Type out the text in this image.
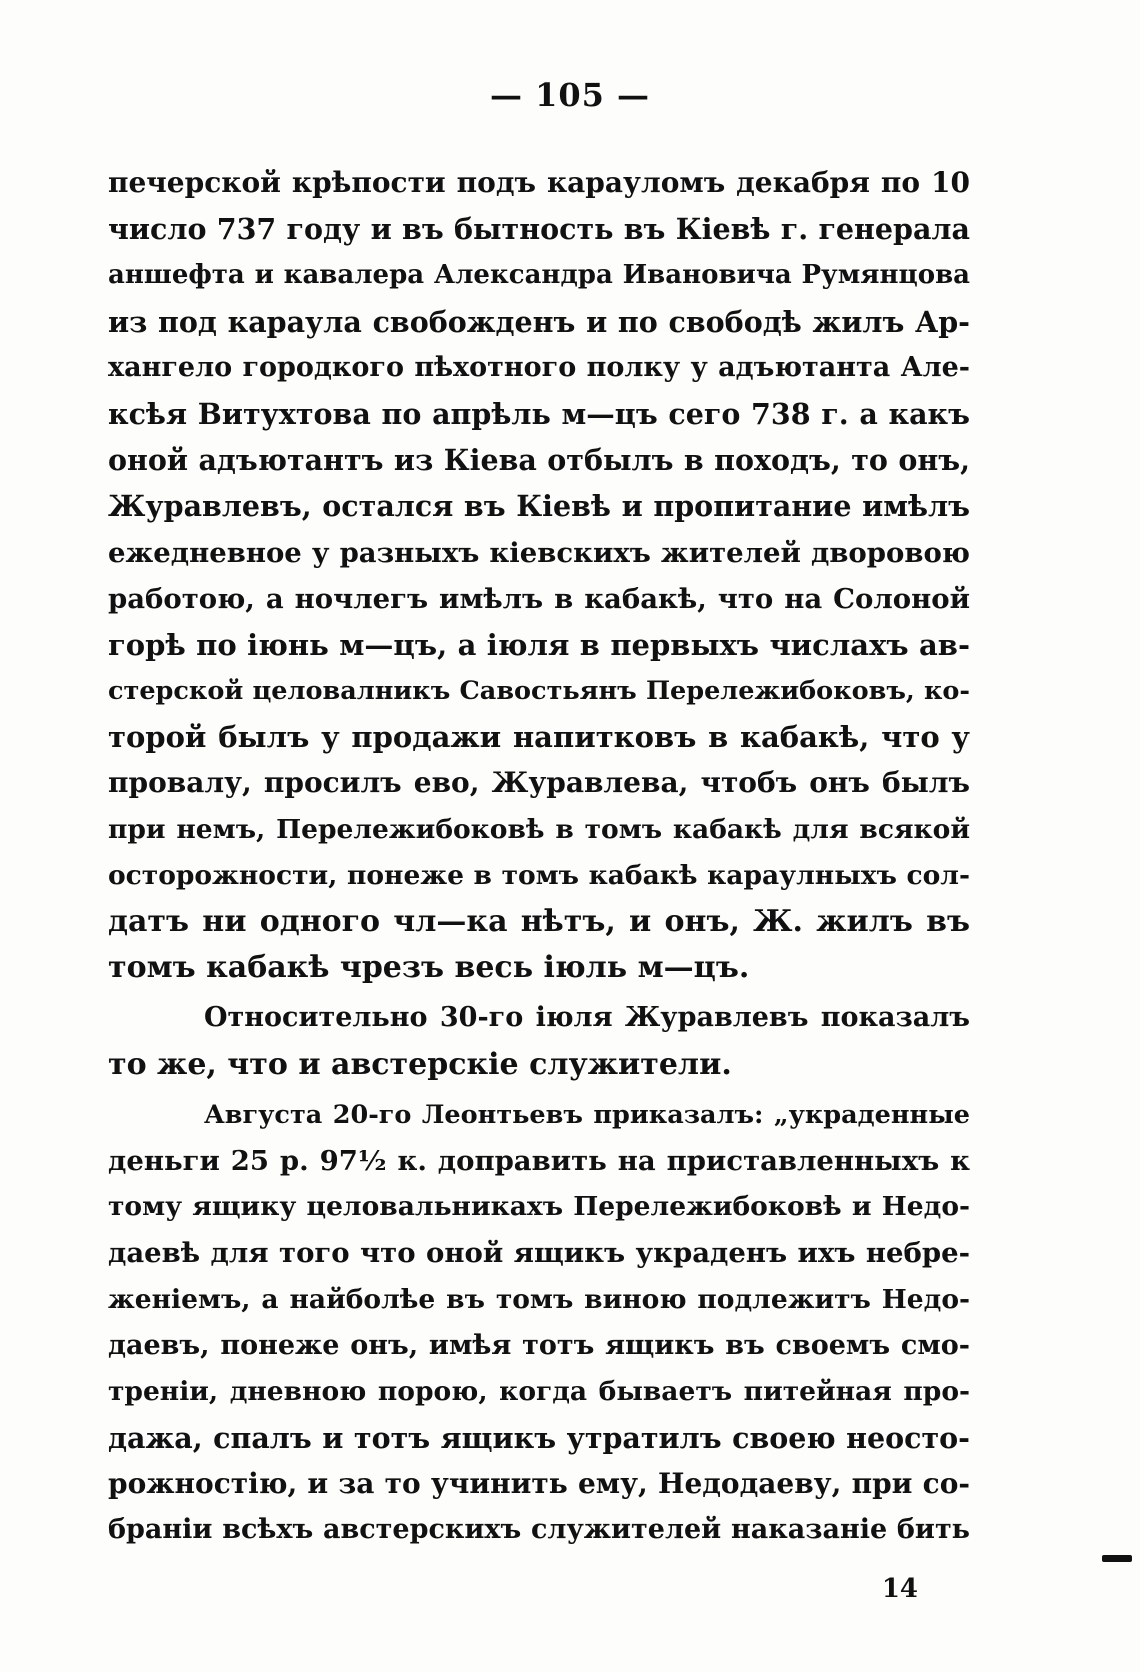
— 105 —
печерской крѣпости подъ карауломъ декабря по 10
число 737 году и въ бытность въ Кіевѣ г. генерала
аншефта и кавалера Александра Ивановича Румянцова
из под караула свобожденъ и по свободѣ жилъ Ар-
хангело городкого пѣхотного полку у адъютанта Але-
ксѣя Витухтова по апрѣль м—цъ сего 738 г. а какъ
оной адъютантъ из Кіева отбылъ в походъ, то онъ,
Журавлевъ, остался въ Кіевѣ и пропитание имѣлъ
ежедневное у разныхъ кіевскихъ жителей дворовою
работою, а ночлегъ имѣлъ в кабакѣ, что на Солоной
горѣ по іюнь м—цъ, а іюля в первыхъ числахъ ав-
стерской целовалникъ Савостьянъ Перележибоковъ, ко-
торой былъ у продажи напитковъ в кабакѣ, что у
провалу, просилъ ево, Журавлева, чтобъ онъ былъ
при немъ, Перележибоковѣ в томъ кабакѣ для всякой
осторожности, понеже в томъ кабакѣ караулныхъ сол-
датъ ни одного чл—ка нѣтъ, и онъ, Ж. жилъ въ
томъ кабакѣ чрезъ весь іюль м—цъ.
Относительно 30-го іюля Журавлевъ показалъ
то же, что и австерскіе служители.
Августа 20-го Леонтьевъ приказалъ: „украденные
деньги 25 р. 97½ к. доправить на приставленныхъ к
тому ящику целовальникахъ Перележибоковѣ и Недо-
даевѣ для того что оной ящикъ украденъ ихъ небре-
женіемъ, а найболѣе въ томъ виною подлежитъ Недо-
даевъ, понеже онъ, имѣя тотъ ящикъ въ своемъ смо-
треніи, дневною порою, когда бываетъ питейная про-
дажа, спалъ и тотъ ящикъ утратилъ своею неосто-
рожностію, и за то учинить ему, Недодаеву, при со-
браніи всѣхъ австерскихъ служителей наказаніе бить
14
